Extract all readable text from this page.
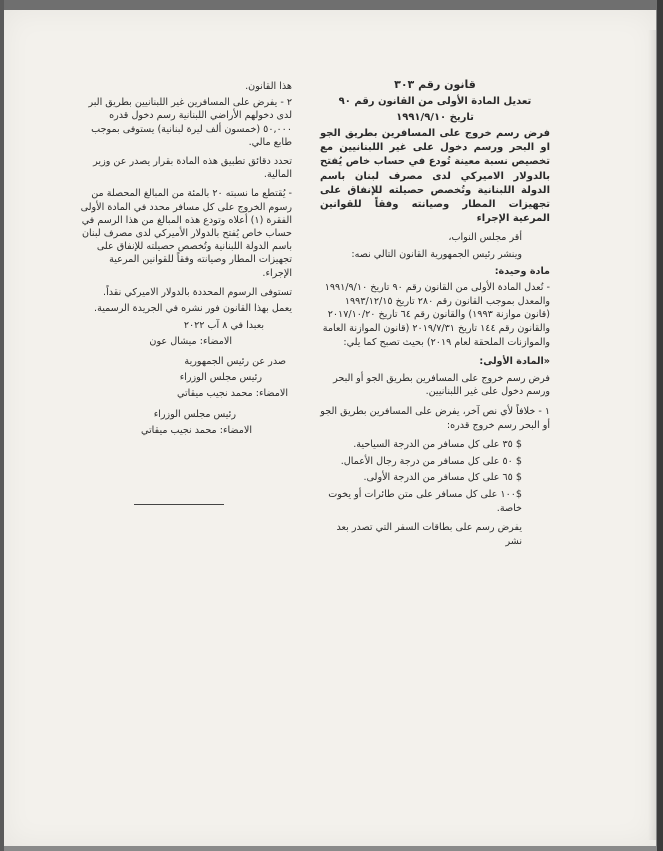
هذا القانون.

٢ - يفرض على المسافرين غير اللبنانيين بطريق البر لدى دخولهم الأراضي اللبنانية رسم دخول قدره ٥٠,٠٠٠ (خمسون ألف ليرة لبنانية) يستوفى بموجب طابع مالي.

تحدد دقائق تطبيق هذه المادة بقرار يصدر عن وزير المالية.

- يُقتطع ما نسبته ٢٠ بالمئة من المبالغ المحصلة من رسوم الخروج على كل مسافر محدد في المادة الأولى الفقرة (١) أعلاه وتودع هذه المبالغ من هذا الرسم في حساب خاص يُفتح بالدولار الأميركي لدى مصرف لبنان باسم الدولة اللبنانية وتُخصص حصيلته للإنفاق على تجهيزات المطار وصيانته وفقاً للقوانين المرعية الإجراء.

تستوفى الرسوم المحددة بالدولار الاميركي نقداً.

يعمل بهذا القانون فور نشره في الجريدة الرسمية.

بعبدا في ٨ آب ٢٠٢٢

الامضاء: ميشال عون

صدر عن رئيس الجمهورية

رئيس مجلس الوزراء

الامضاء: محمد نجيب ميقاتي

رئيس مجلس الوزراء

الامضاء: محمد نجيب ميقاتي

قانون رقم ٣٠٣

تعديل المادة الأولى من القانون رقم ٩٠

تاريخ ١٩٩١/٩/١٠

فرض رسم خروج على المسافرين بطريق الجو او البحر ورسم دخول على غير اللبنانيين مع تخصيص نسبة معينة تُودع في حساب خاص يُفتح بالدولار الاميركي لدى مصرف لبنان باسم الدولة اللبنانية وتُخصص حصيلته للإنفاق على تجهيزات المطار وصيانته وفقاً للقوانين المرعية الإجراء

أقر مجلس النواب،

وينشر رئيس الجمهورية القانون التالي نصه:

مادة وحيدة:

- تُعدل المادة الأولى من القانون رقم ٩٠ تاريخ ١٩٩١/٩/١٠ والمعدل بموجب القانون رقم ٢٨٠ تاريخ ١٩٩٣/١٢/١٥ (قانون موازنة ١٩٩٣) والقانون رقم ٦٤ تاريخ ٢٠١٧/١٠/٢٠ والقانون رقم ١٤٤ تاريخ ٢٠١٩/٧/٣١ (قانون الموازنة العامة والموازنات الملحقة لعام ٢٠١٩) بحيث تصبح كما يلي:

«المادة الأولى:

فرض رسم خروج على المسافرين بطريق الجو أو البحر ورسم دخول على غير اللبنانيين.

١ - خلافاً لأي نص آخر، يفرض على المسافرين بطريق الجو أو البحر رسم خروج قدره:

$ ٣٥ على كل مسافر من الدرجة السياحية.

$ ٥٠ على كل مسافر من درجة رجال الأعمال.

$ ٦٥ على كل مسافر من الدرجة الأولى.

$١٠٠ على كل مسافر على متن طائرات أو يخوت خاصة.

يفرض رسم على بطاقات السفر التي تصدر بعد نشر
